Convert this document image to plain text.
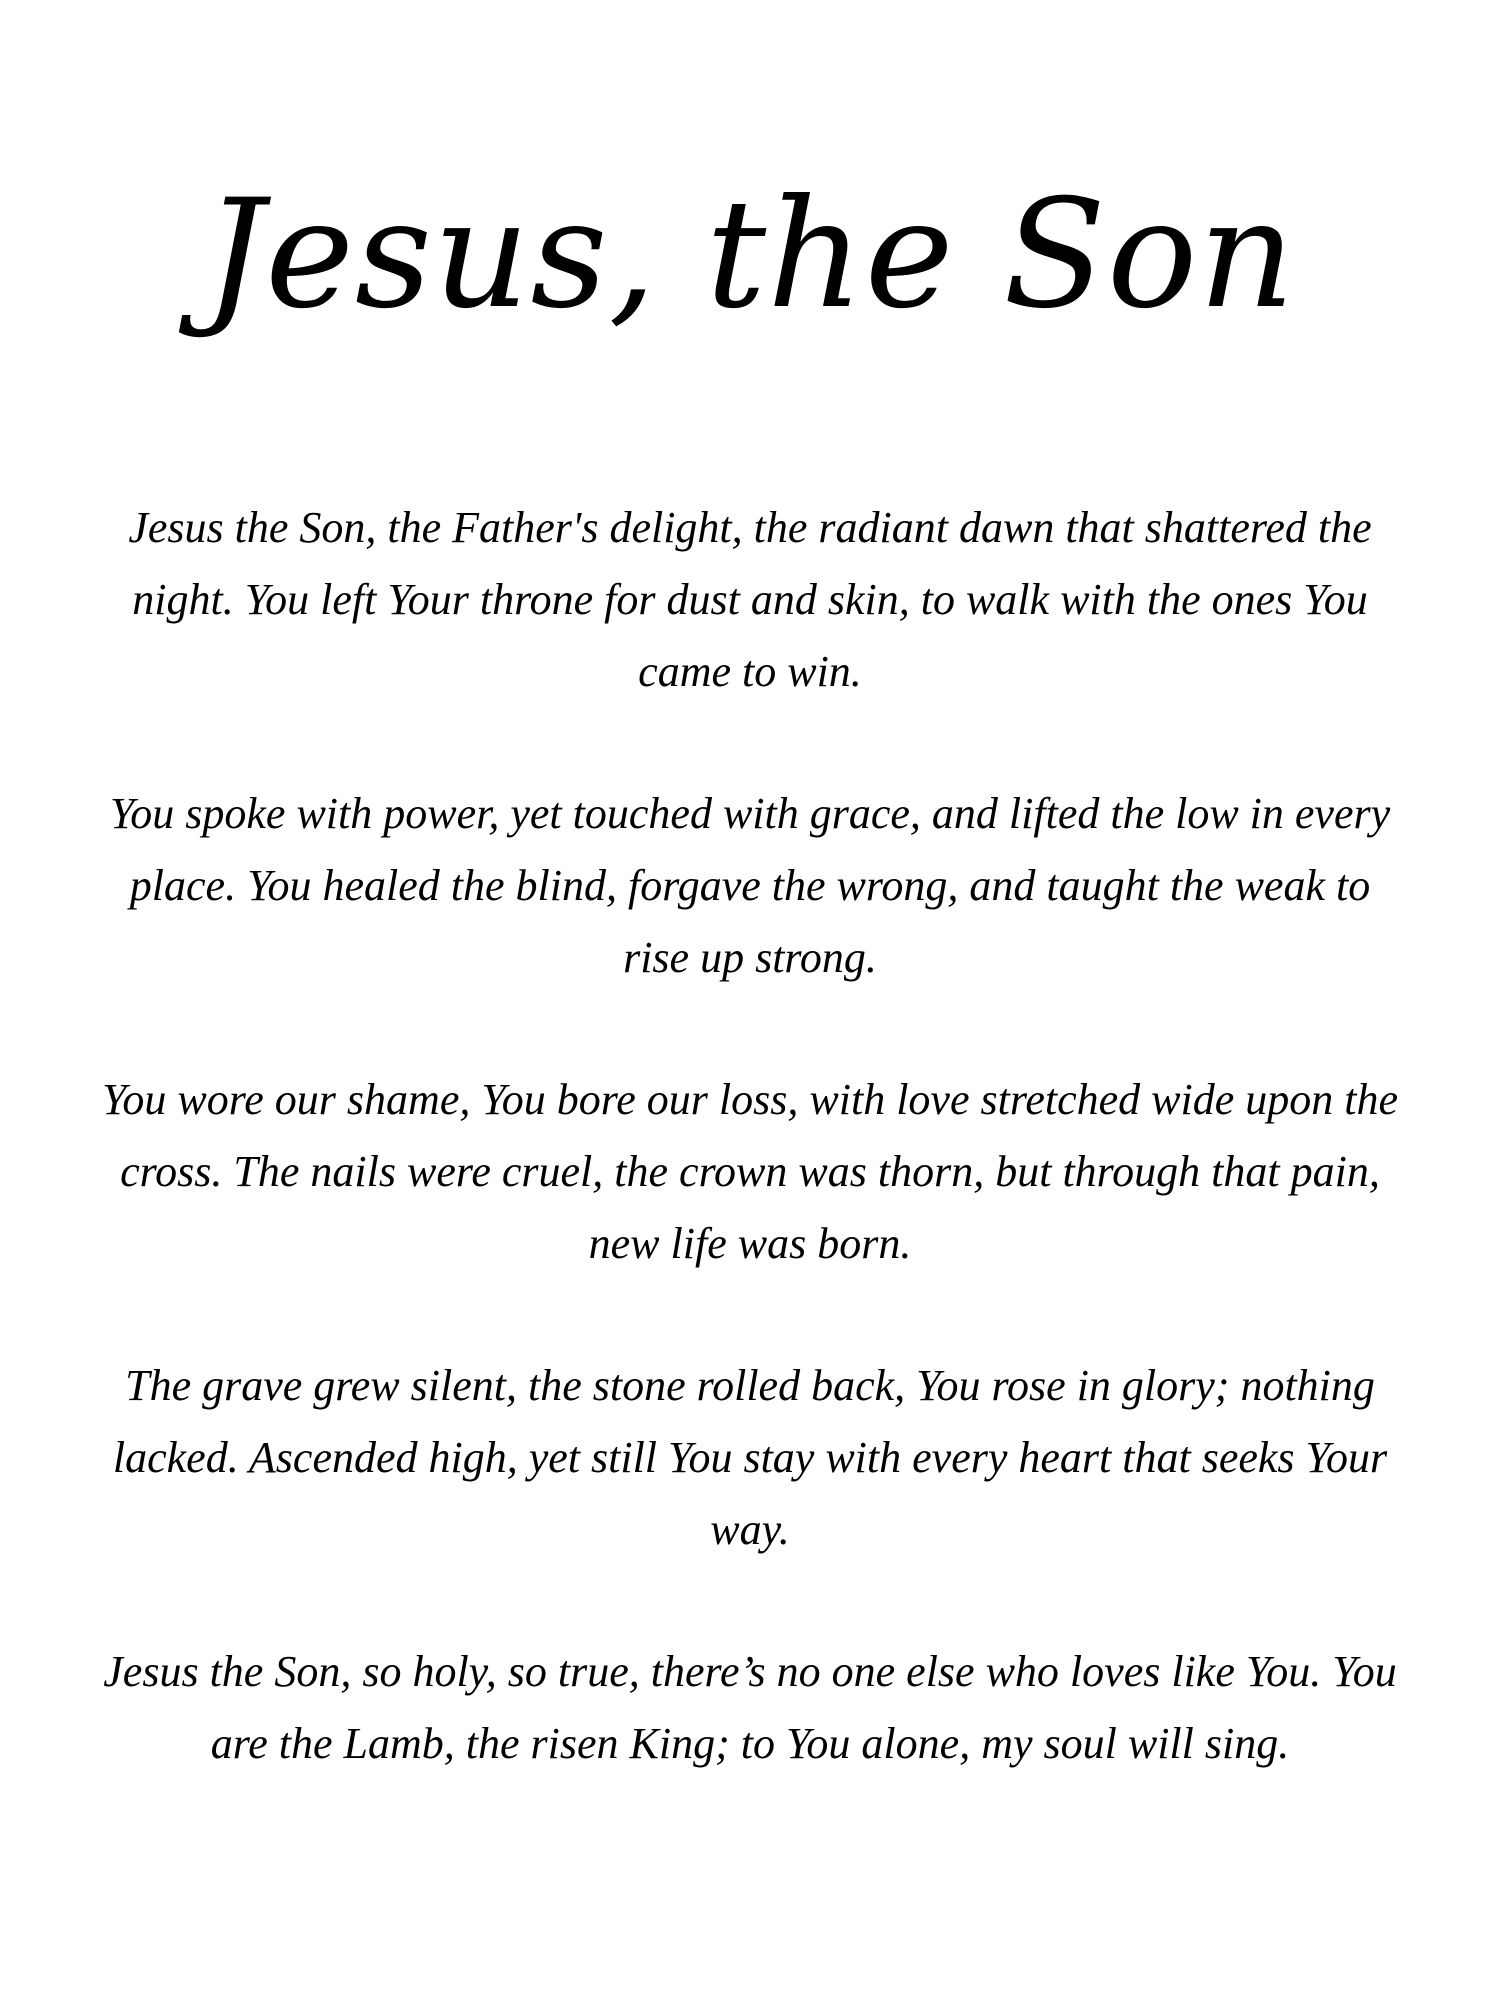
Jesus, the Son

Jesus the Son, the Father's delight, the radiant dawn that shattered the night. You left Your throne for dust and skin, to walk with the ones You came to win.

You spoke with power, yet touched with grace, and lifted the low in every place. You healed the blind, forgave the wrong, and taught the weak to rise up strong.

You wore our shame, You bore our loss, with love stretched wide upon the cross. The nails were cruel, the crown was thorn, but through that pain, new life was born.

The grave grew silent, the stone rolled back, You rose in glory; nothing lacked. Ascended high, yet still You stay with every heart that seeks Your way.

Jesus the Son, so holy, so true, there’s no one else who loves like You. You are the Lamb, the risen King; to You alone, my soul will sing.
